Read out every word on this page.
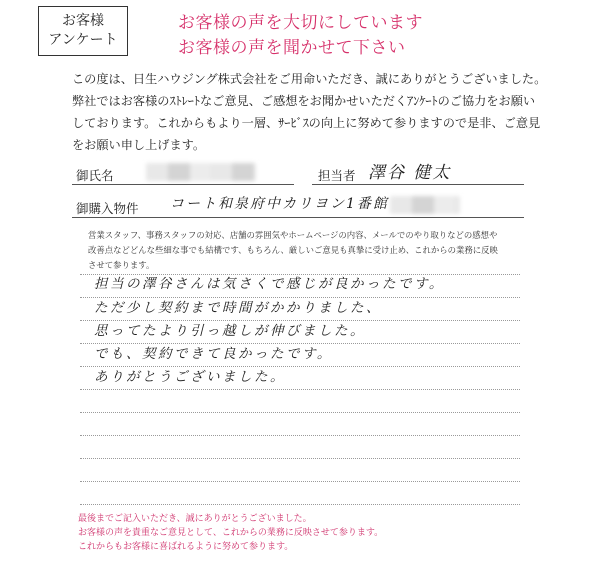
お客様
アンケート
お客様の声を大切にしています
お客様の声を聞かせて下さい
この度は、日生ハウジング株式会社をご用命いただき、誠にありがとうございました。
弊社ではお客様のｽﾄﾚｰﾄなご意見、ご感想をお聞かせいただくｱﾝｹｰﾄのご協力をお願い
しております。これからもより一層、ｻｰﾋﾞｽの向上に努めて参りますので是非、ご意見
をお願い申し上げます。
御氏名	担当者 澤谷 健太
御購入物件 コート和泉府中カリヨン1番館
営業スタッフ、事務スタッフの対応、店舗の雰囲気やホームページの内容、メールでのやり取りなどの感想や
改善点などどんな些細な事でも結構です、もちろん、厳しいご意見も真摯に受け止め、これからの業務に反映
させて参ります。
担当の澤谷さんは気さくで感じが良かったです。
ただ少し契約まで時間がかかりました、
思ってたより引っ越しが伸びました。
でも、契約できて良かったです。
ありがとうございました。
最後までご記入いただき、誠にありがとうございました。
お客様の声を貴重なご意見として、これからの業務に反映させて参ります。
これからもお客様に喜ばれるように努めて参ります。
